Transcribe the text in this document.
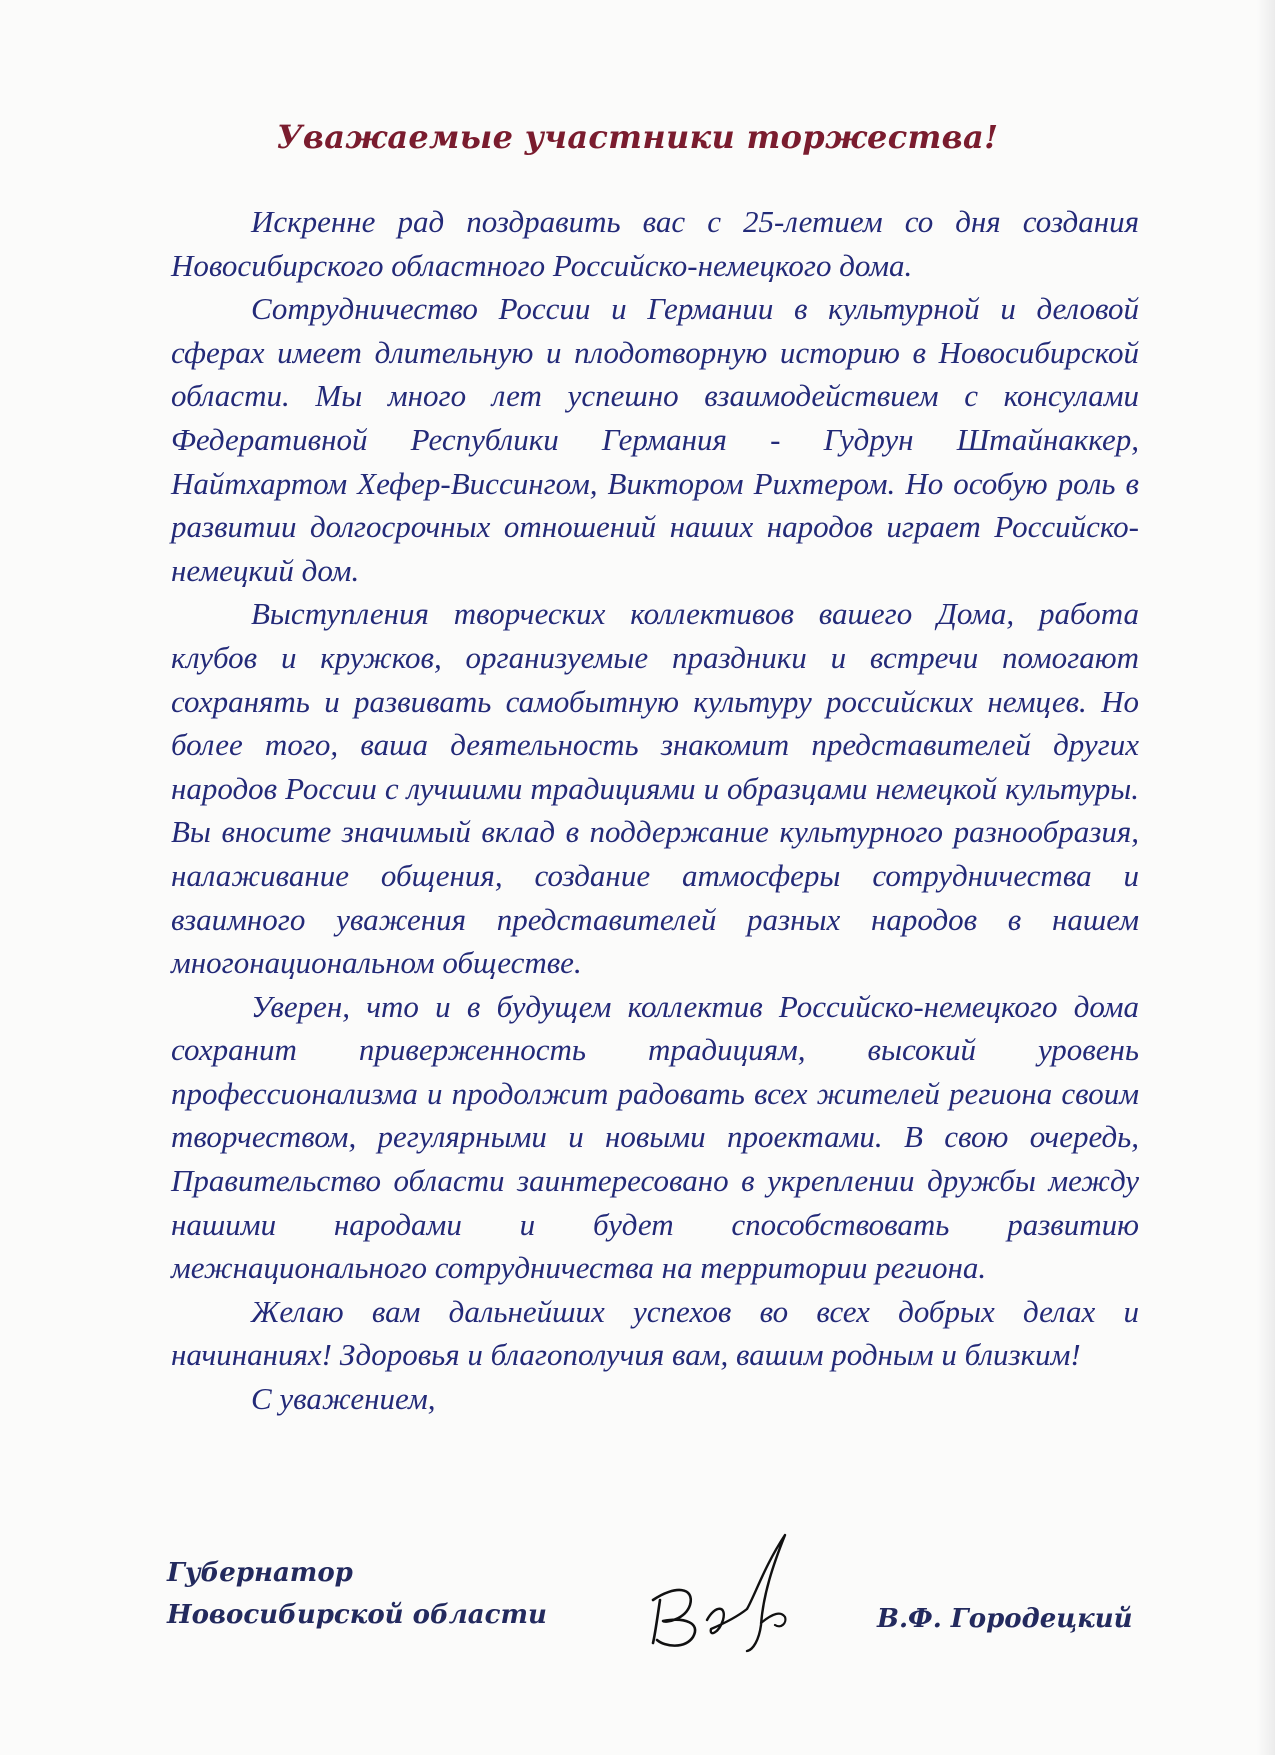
Уважаемые участники торжества!

Искренне рад поздравить вас с 25-летием со дня создания Новосибирского областного Российско-немецкого дома.

Сотрудничество России и Германии в культурной и деловой сферах имеет длительную и плодотворную историю в Новосибирской области. Мы много лет успешно взаимодействием с консулами Федеративной Республики Германия - Гудрун Штайнаккер, Найтхартом Хефер-Виссингом, Виктором Рихтером. Но особую роль в развитии долгосрочных отношений наших народов играет Российско-немецкий дом.

Выступления творческих коллективов вашего Дома, работа клубов и кружков, организуемые праздники и встречи помогают сохранять и развивать самобытную культуру российских немцев. Но более того, ваша деятельность знакомит представителей других народов России с лучшими традициями и образцами немецкой культуры. Вы вносите значимый вклад в поддержание культурного разнообразия, налаживание общения, создание атмосферы сотрудничества и взаимного уважения представителей разных народов в нашем многонациональном обществе.

Уверен, что и в будущем коллектив Российско-немецкого дома сохранит приверженность традициям, высокий уровень профессионализма и продолжит радовать всех жителей региона своим творчеством, регулярными и новыми проектами. В свою очередь, Правительство области заинтересовано в укреплении дружбы между нашими народами и будет способствовать развитию межнационального сотрудничества на территории региона.

Желаю вам дальнейших успехов во всех добрых делах и начинаниях! Здоровья и благополучия вам, вашим родным и близким!

С уважением,

Губернатор
Новосибирской области	В.Ф. Городецкий
